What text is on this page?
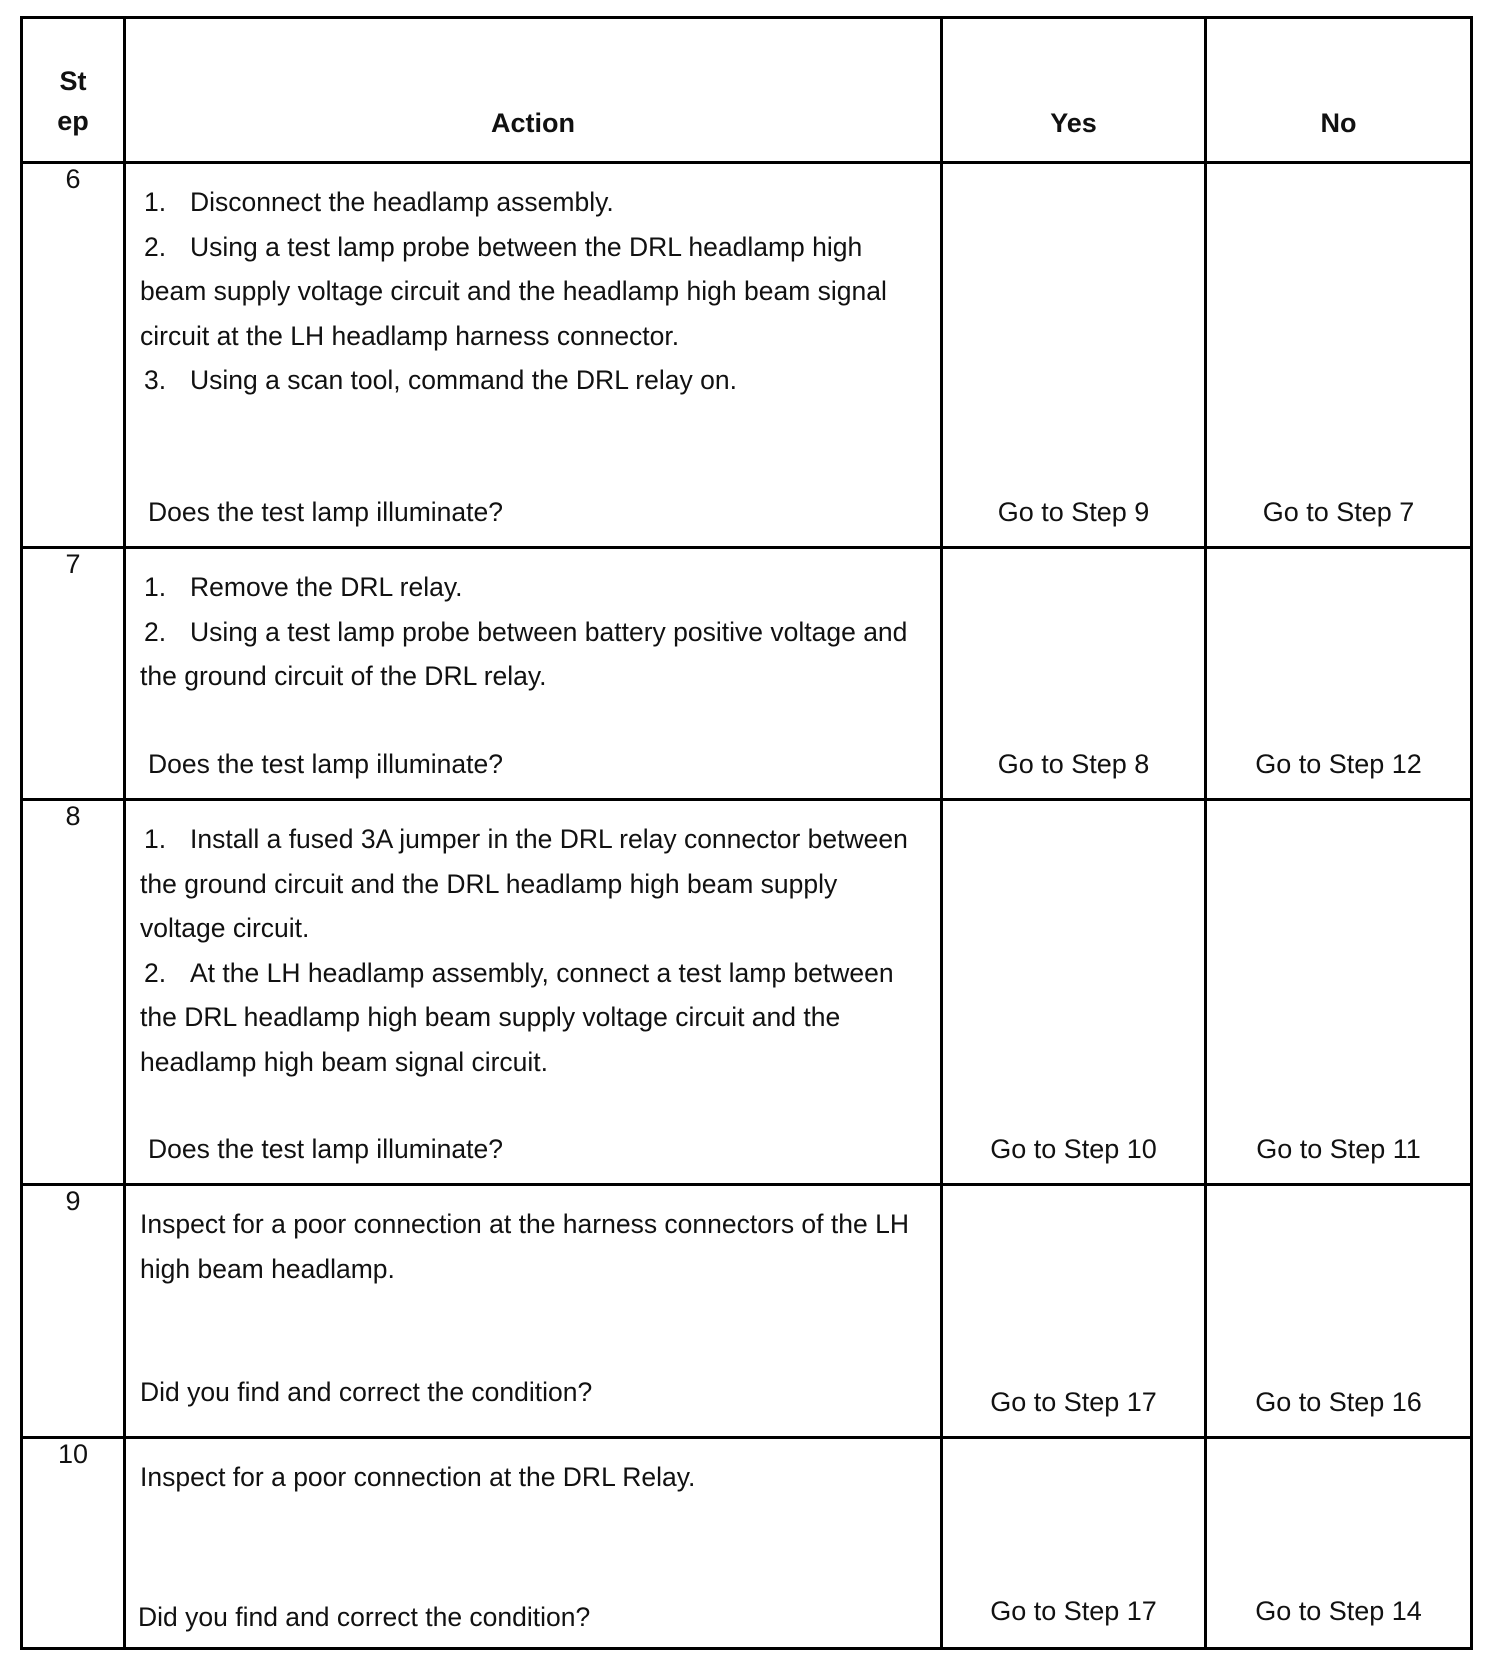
St
ep	Action	Yes	No

6	1. Disconnect the headlamp assembly.
2. Using a test lamp probe between the DRL headlamp high beam supply voltage circuit and the headlamp high beam signal circuit at the LH headlamp harness connector.
3. Using a scan tool, command the DRL relay on.
Does the test lamp illuminate?	Go to Step 9	Go to Step 7

7	1. Remove the DRL relay.
2. Using a test lamp probe between battery positive voltage and the ground circuit of the DRL relay.
Does the test lamp illuminate?	Go to Step 8	Go to Step 12

8	1. Install a fused 3A jumper in the DRL relay connector between the ground circuit and the DRL headlamp high beam supply voltage circuit.
2. At the LH headlamp assembly, connect a test lamp between the DRL headlamp high beam supply voltage circuit and the headlamp high beam signal circuit.
Does the test lamp illuminate?	Go to Step 10	Go to Step 11

9	Inspect for a poor connection at the harness connectors of the LH high beam headlamp.
Did you find and correct the condition?	Go to Step 17	Go to Step 16

10	Inspect for a poor connection at the DRL Relay.
Did you find and correct the condition?	Go to Step 17	Go to Step 14
